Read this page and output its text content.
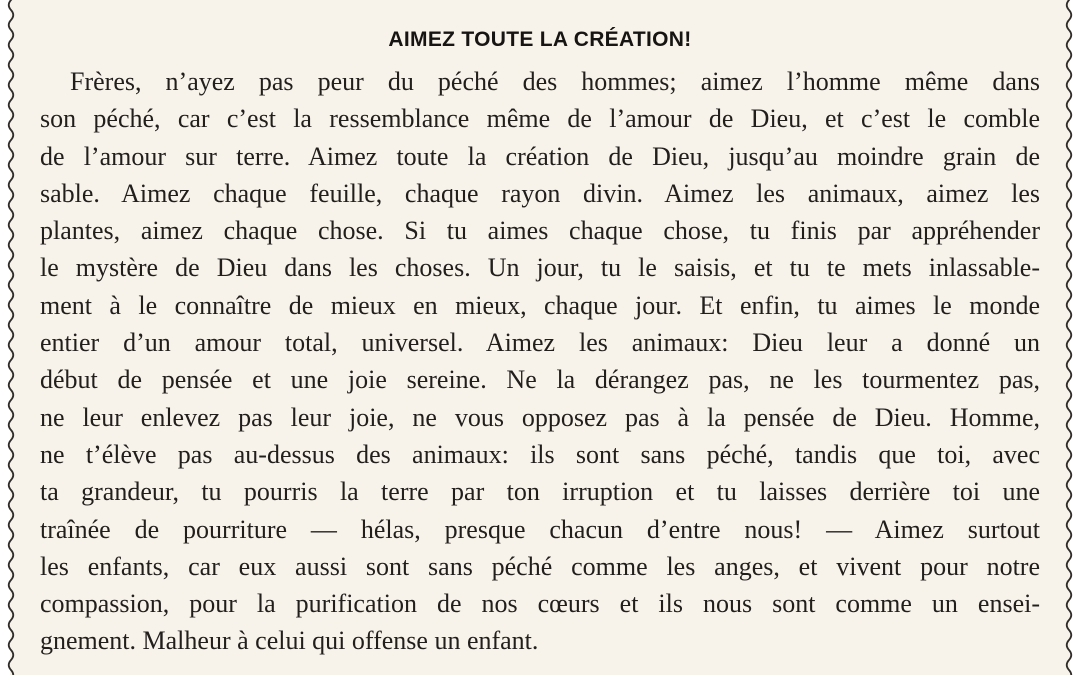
AIMEZ TOUTE LA CRÉATION!
Frères, n’ayez pas peur du péché des hommes; aimez l’homme même dans
son péché, car c’est la ressemblance même de l’amour de Dieu, et c’est le comble
de l’amour sur terre. Aimez toute la création de Dieu, jusqu’au moindre grain de
sable. Aimez chaque feuille, chaque rayon divin. Aimez les animaux, aimez les
plantes, aimez chaque chose. Si tu aimes chaque chose, tu finis par appréhender
le mystère de Dieu dans les choses. Un jour, tu le saisis, et tu te mets inlassable-
ment à le connaître de mieux en mieux, chaque jour. Et enfin, tu aimes le monde
entier d’un amour total, universel. Aimez les animaux: Dieu leur a donné un
début de pensée et une joie sereine. Ne la dérangez pas, ne les tourmentez pas,
ne leur enlevez pas leur joie, ne vous opposez pas à la pensée de Dieu. Homme,
ne t’élève pas au-dessus des animaux: ils sont sans péché, tandis que toi, avec
ta grandeur, tu pourris la terre par ton irruption et tu laisses derrière toi une
traînée de pourriture — hélas, presque chacun d’entre nous! — Aimez surtout
les enfants, car eux aussi sont sans péché comme les anges, et vivent pour notre
compassion, pour la purification de nos cœurs et ils nous sont comme un ensei-
gnement. Malheur à celui qui offense un enfant.
